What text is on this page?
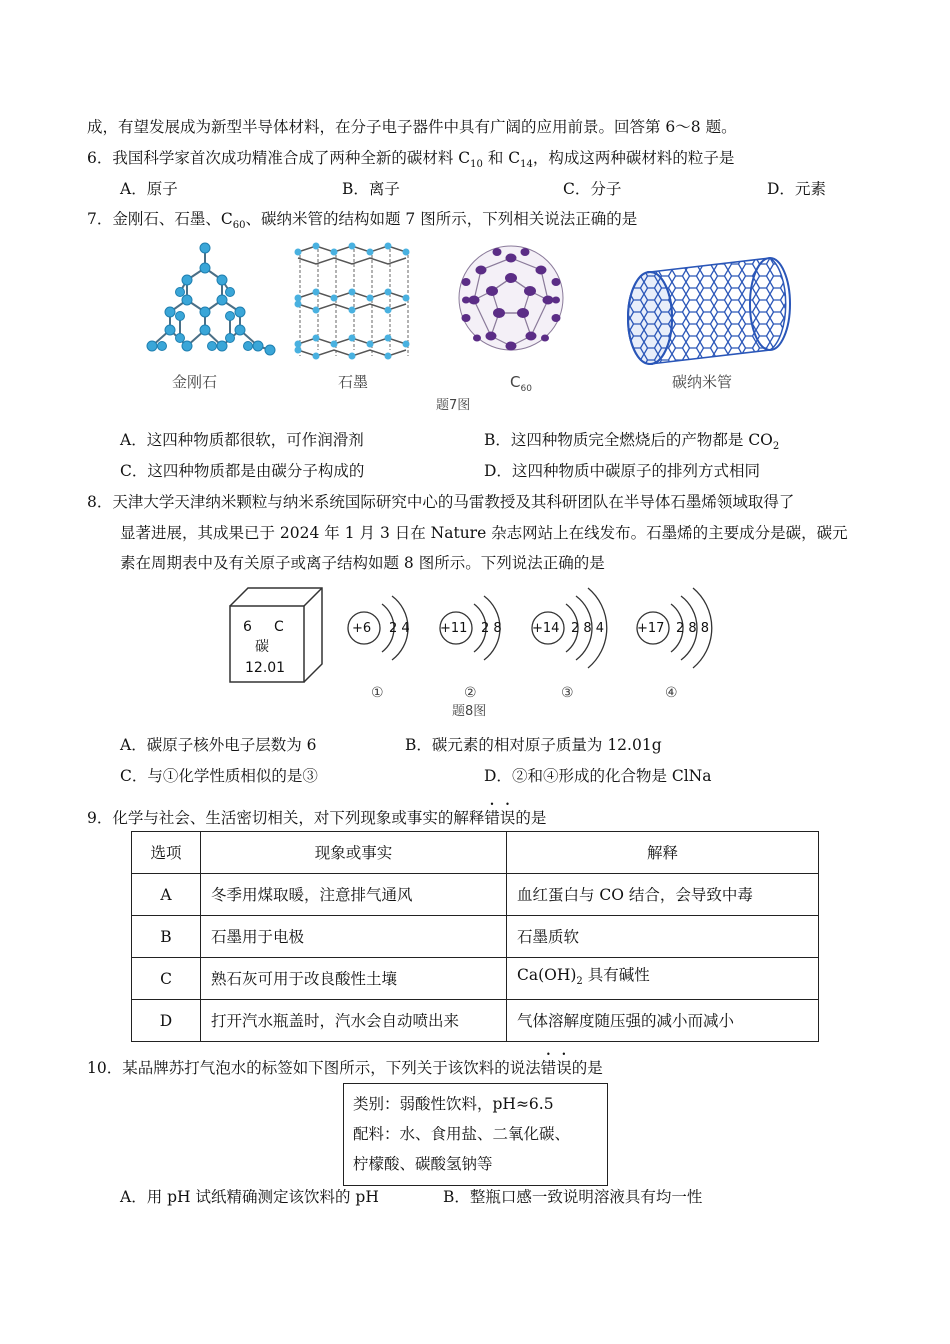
成，有望发展成为新型半导体材料，在分子电子器件中具有广阔的应用前景。回答第 6～8 题。
6．我国科学家首次成功精准合成了两种全新的碳材料 $C_{10}$ 和 $C_{14}$，构成这两种碳材料的粒子是
A．原子	B．离子	C．分子	D．元素
7．金刚石、石墨、$C_{60}$、碳纳米管的结构如题 7 图所示，下列相关说法正确的是
金刚石	石墨	$C_{60}$	碳纳米管
题7图
A．这四种物质都很软，可作润滑剂	B．这四种物质完全燃烧后的产物都是 $CO_2$
C．这四种物质都是由碳分子构成的	D．这四种物质中碳原子的排列方式相同
8．天津大学天津纳米颗粒与纳米系统国际研究中心的马雷教授及其科研团队在半导体石墨烯领域取得了
显著进展，其成果已于 2024 年 1 月 3 日在 Nature 杂志网站上在线发布。石墨烯的主要成分是碳，碳元
素在周期表中及有关原子或离子结构如题 8 图所示。下列说法正确的是
6 C
碳
12.01
+6 2 4
①
+11 2 8
②
+14 2 8 4
③
+17 2 8 8
④
题8图
A．碳原子核外电子层数为 6	B．碳元素的相对原子质量为 12.01g
C．与①化学性质相似的是③	D．②和④形成的化合物是 ClNa
9．化学与社会、生活密切相关，对下列现象或事实的解释错误的是
选项	现象或事实	解释
A	冬季用煤取暖，注意排气通风	血红蛋白与 CO 结合，会导致中毒
B	石墨用于电极	石墨质软
C	熟石灰可用于改良酸性土壤	$Ca(OH)_2$ 具有碱性
D	打开汽水瓶盖时，汽水会自动喷出来	气体溶解度随压强的减小而减小
10．某品牌苏打气泡水的标签如下图所示，下列关于该饮料的说法错误的是
类别：弱酸性饮料，pH≈6.5
配料：水、食用盐、二氧化碳、
柠檬酸、碳酸氢钠等
A．用 pH 试纸精确测定该饮料的 pH	B．整瓶口感一致说明溶液具有均一性
